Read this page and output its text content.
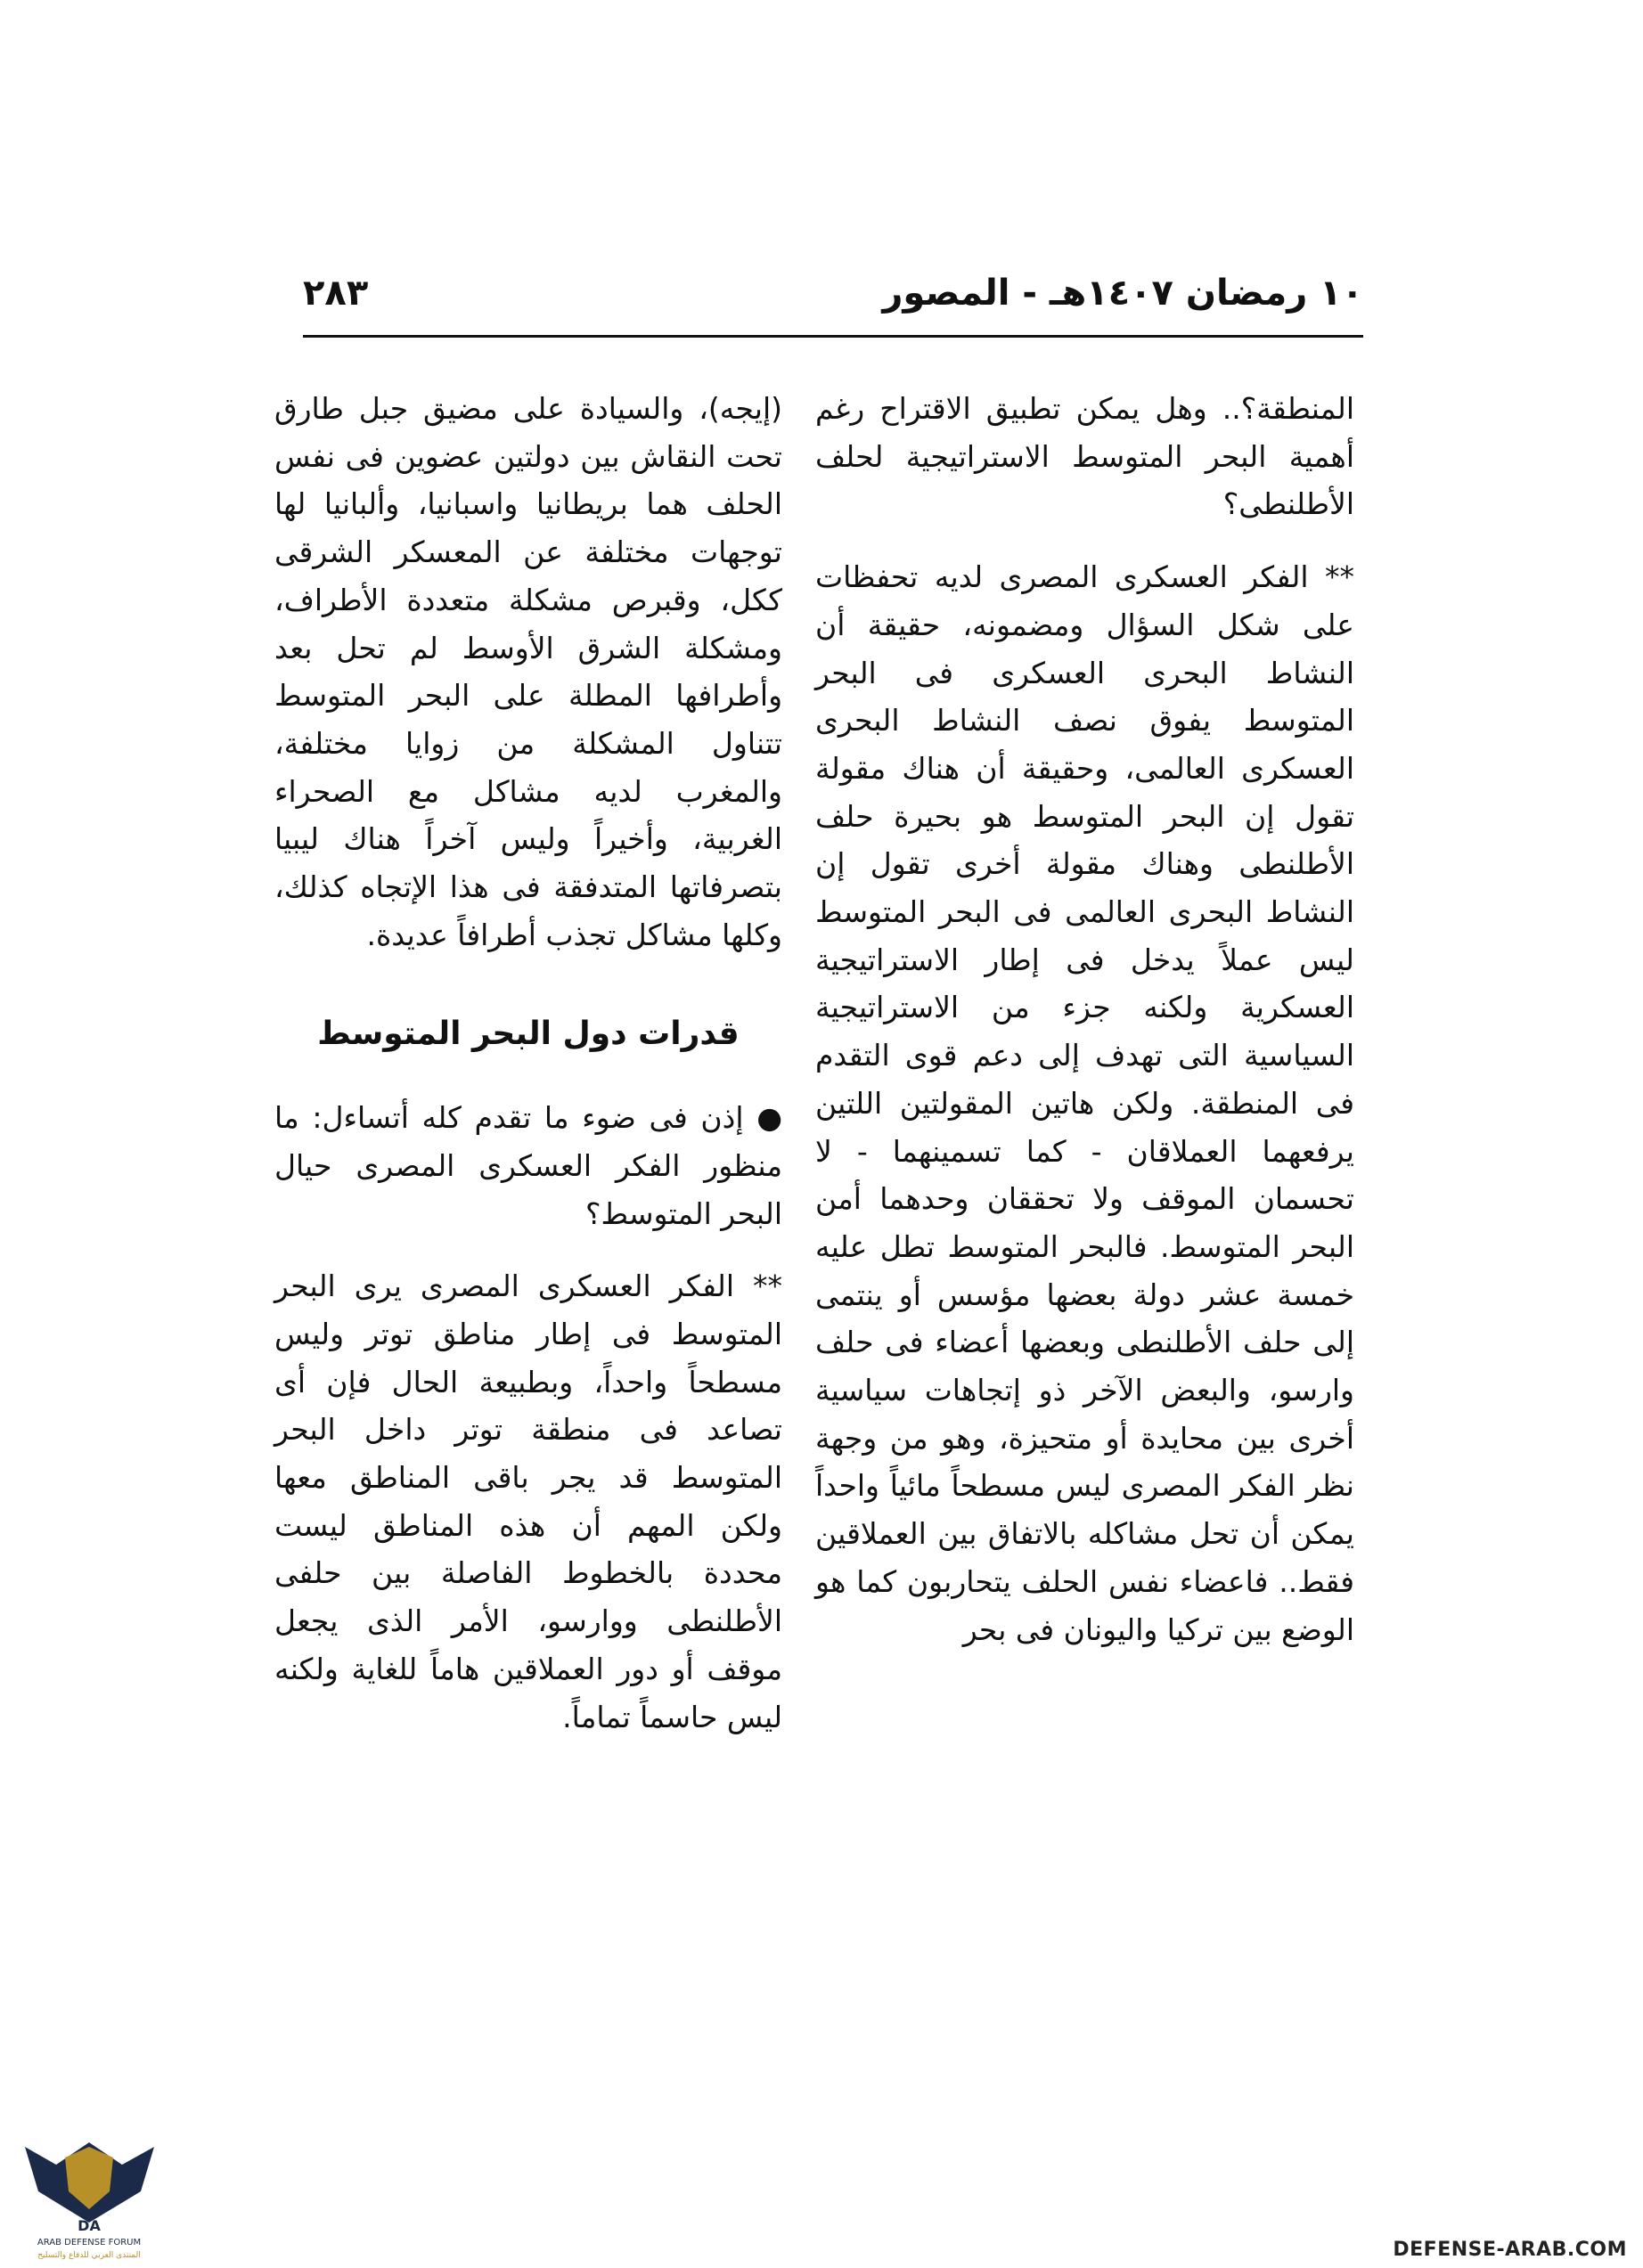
١٠ رمضان ١٤٠٧هـ - المصور
٢٨٣

المنطقة؟.. وهل يمكن تطبيق الاقتراح رغم أهمية البحر المتوسط الاستراتيجية لحلف الأطلنطى؟

** الفكر العسكرى المصرى لديه تحفظات على شكل السؤال ومضمونه، حقيقة أن النشاط البحرى العسكرى فى البحر المتوسط يفوق نصف النشاط البحرى العسكرى العالمى، وحقيقة أن هناك مقولة تقول إن البحر المتوسط هو بحيرة حلف الأطلنطى وهناك مقولة أخرى تقول إن النشاط البحرى العالمى فى البحر المتوسط ليس عملاً يدخل فى إطار الاستراتيجية العسكرية ولكنه جزء من الاستراتيجية السياسية التى تهدف إلى دعم قوى التقدم فى المنطقة. ولكن هاتين المقولتين اللتين يرفعهما العملاقان - كما تسمينهما - لا تحسمان الموقف ولا تحققان وحدهما أمن البحر المتوسط. فالبحر المتوسط تطل عليه خمسة عشر دولة بعضها مؤسس أو ينتمى إلى حلف الأطلنطى وبعضها أعضاء فى حلف وارسو، والبعض الآخر ذو إتجاهات سياسية أخرى بين محايدة أو متحيزة، وهو من وجهة نظر الفكر المصرى ليس مسطحاً مائياً واحداً يمكن أن تحل مشاكله بالاتفاق بين العملاقين فقط.. فاعضاء نفس الحلف يتحاربون كما هو الوضع بين تركيا واليونان فى بحر

(إيجه)، والسيادة على مضيق جبل طارق تحت النقاش بين دولتين عضوين فى نفس الحلف هما بريطانيا واسبانيا، وألبانيا لها توجهات مختلفة عن المعسكر الشرقى ككل، وقبرص مشكلة متعددة الأطراف، ومشكلة الشرق الأوسط لم تحل بعد وأطرافها المطلة على البحر المتوسط تتناول المشكلة من زوايا مختلفة، والمغرب لديه مشاكل مع الصحراء الغربية، وأخيراً وليس آخراً هناك ليبيا بتصرفاتها المتدفقة فى هذا الإتجاه كذلك، وكلها مشاكل تجذب أطرافاً عديدة.

قدرات دول البحر المتوسط

● إذن فى ضوء ما تقدم كله أتساءل: ما منظور الفكر العسكرى المصرى حيال البحر المتوسط؟

** الفكر العسكرى المصرى يرى البحر المتوسط فى إطار مناطق توتر وليس مسطحاً واحداً، وبطبيعة الحال فإن أى تصاعد فى منطقة توتر داخل البحر المتوسط قد يجر باقى المناطق معها ولكن المهم أن هذه المناطق ليست محددة بالخطوط الفاصلة بين حلفى الأطلنطى ووارسو، الأمر الذى يجعل موقف أو دور العملاقين هاماً للغاية ولكنه ليس حاسماً تماماً.

DA
ARAB DEFENSE FORUM
المنتدى العربي للدفاع والتسليح	DEFENSE-ARAB.COM
